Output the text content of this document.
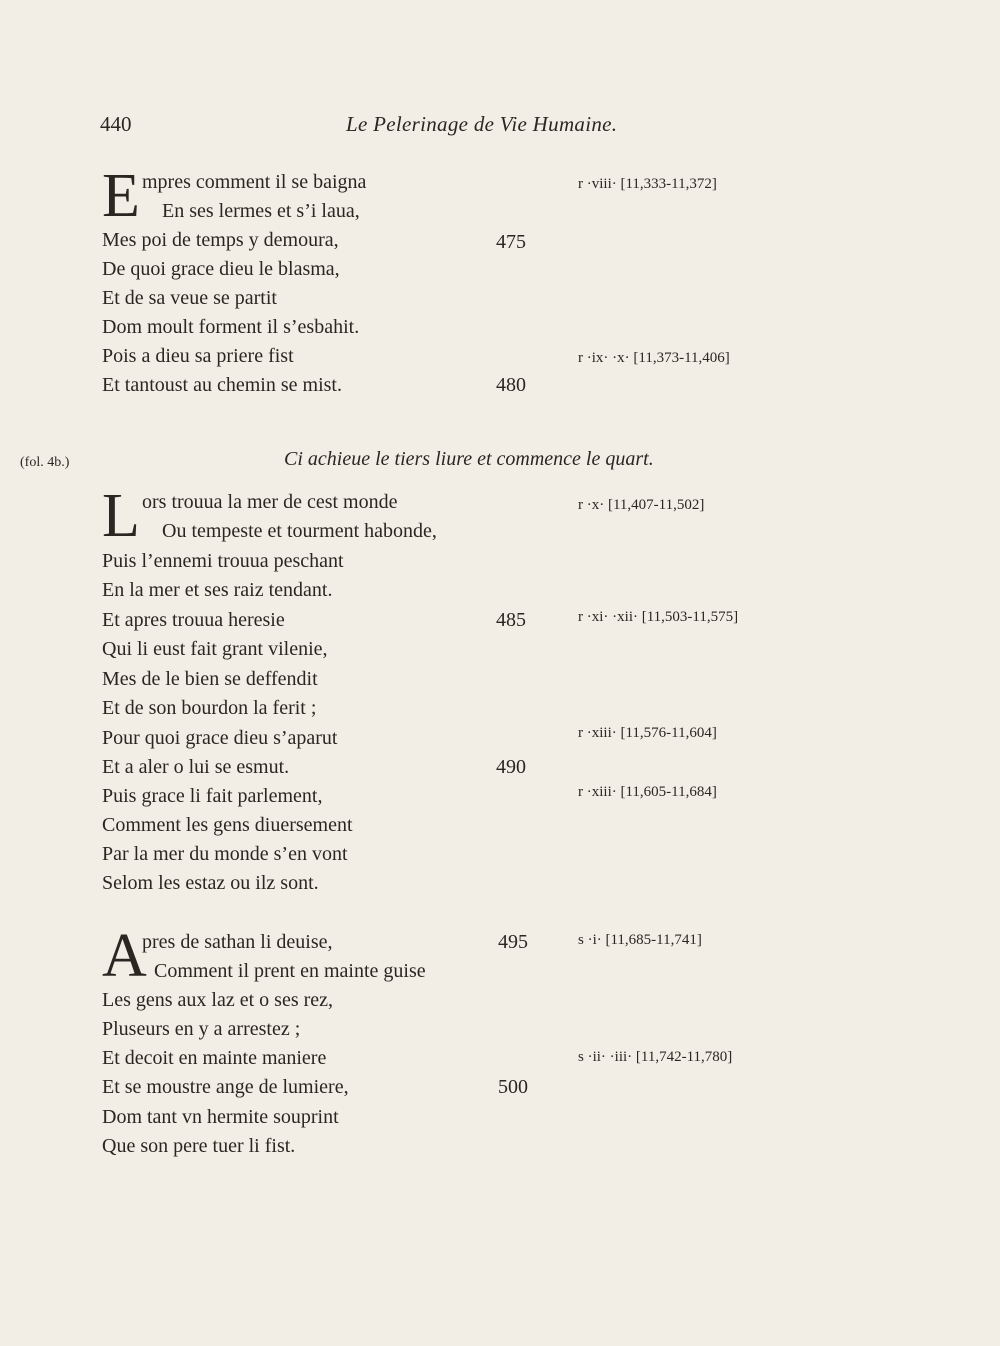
440	Le Pelerinage de Vie Humaine.
E mpres comment il se baigna
En ses lermes et s’i laua,
Mes poi de temps y demoura,
De quoi grace dieu le blasma,
Et de sa veue se partit
Dom moult forment il s’esbahit.
Pois a dieu sa priere fist
Et tantoust au chemin se mist.
475
480
r ·viii· [11,333-11,372]
r ·ix· ·x· [11,373-11,406]
(fol. 4b.)	Ci achieue le tiers liure et commence le quart.
L ors trouua la mer de cest monde
Ou tempeste et tourment habonde,
Puis l’ennemi trouua peschant
En la mer et ses raiz tendant.
Et apres trouua heresie
Qui li eust fait grant vilenie,
Mes de le bien se deffendit
Et de son bourdon la ferit ;
Pour quoi grace dieu s’aparut
Et a aler o lui se esmut.
Puis grace li fait parlement,
Comment les gens diuersement
Par la mer du monde s’en vont
Selom les estaz ou ilz sont.
485
490
r ·x· [11,407-11,502]
r ·xi· ·xii· [11,503-11,575]
r ·xiii· [11,576-11,604]
r ·xiii· [11,605-11,684]
A
pres de sathan li deuise,
Comment il prent en mainte guise
Les gens aux laz et o ses rez,
Pluseurs en y a arrestez ;
Et decoit en mainte maniere
Et se moustre ange de lumiere,
Dom tant vn hermite souprint
Que son pere tuer li fist.
495
500
s ·i· [11,685-11,741]
s ·ii· ·iii· [11,742-11,780]
